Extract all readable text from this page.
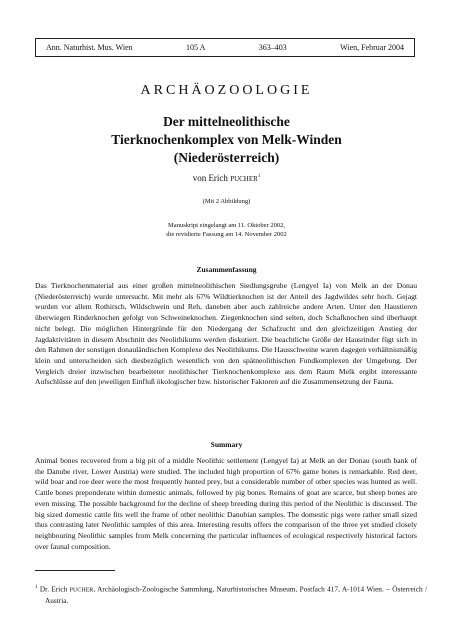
Ann. Naturhist. Mus. Wien	105 A	363–403	Wien, Februar 2004
ARCHÄOZOOLOGIE
Der mittelneolithische
Tierknochenkomplex von Melk-Winden
(Niederösterreich)
von Erich PUCHER$^1$
(Mit 2 Abbildung)
Manuskript eingelangt am 11. Oktober 2002,
die revidierte Fassung am 14. November 2002
Zusammenfassung

Das Tierknochenmaterial aus einer großen mittelneolithischen Siedlungsgrube (Lengyel Ia) von Melk an der Donau (Niederösterreich) wurde untersucht. Mit mehr als 67% Wildtierknochen ist der Anteil des Jagdwildes sehr hoch. Gejagt wurden vor allem Rothirsch, Wildschwein und Reh, daneben aber auch zahlreiche andere Arten. Unter den Haustieren überwiegen Rinderknochen gefolgt von Schweineknochen. Ziegenknochen sind selten, doch Schafknochen sind überhaupt nicht belegt. Die möglichen Hintergründe für den Niedergang der Schafzucht und den gleichzeitigen Anstieg der Jagdaktivitäten in diesem Abschnitt des Neolithikums werden diskutiert. Die beachtliche Größe der Hausrinder fügt sich in den Rahmen der sonstigen donauländischen Komplexe des Neolithikums. Die Hausschweine waren dagegen verhältnismäßig klein und unterscheiden sich diesbezüglich wesentlich von den spätneolithischen Fundkomplexen der Umgebung. Der Vergleich dreier inzwischen bearbeiteter neolithischer Tierknochenkomplexe aus dem Raum Melk ergibt interessante Aufschlüsse auf den jeweiligen Einfluß ökologischer bzw. historischer Faktoren auf die Zusammensetzung der Fauna.

Summary

Animal bones recovered from a big pit of a middle Neolithic settlement (Lengyel Ia) at Melk an der Donau (south bank of the Danube river, Lower Austria) were studied. The included high proportion of 67% game bones is remarkable. Red deer, wild boar and roe deer were the most frequently hunted prey, but a considerable number of other species was hunted as well. Cattle bones preponderate within domestic animals, followed by pig bones. Remains of goat are scarce, but sheep bones are even missing. The possible background for the decline of sheep breeding during this period of the Neolithic is discussed. The big sized domestic cattle fits well the frame of other neolithic Danubian samples. The domestic pigs were rather small sized thus contrasting later Neolithic samples of this area. Interesting results offers the comparison of the three yet studied closely neighbouring Neolithic samples from Melk concerning the particular influences of ecological respectively historical factors over faunal composition.

$^1$ Dr. Erich PUCHER, Archäologisch-Zoologische Sammlung, Naturhistorisches Museum, Postfach 417, A-1014 Wien. – Österreich / Austria.
